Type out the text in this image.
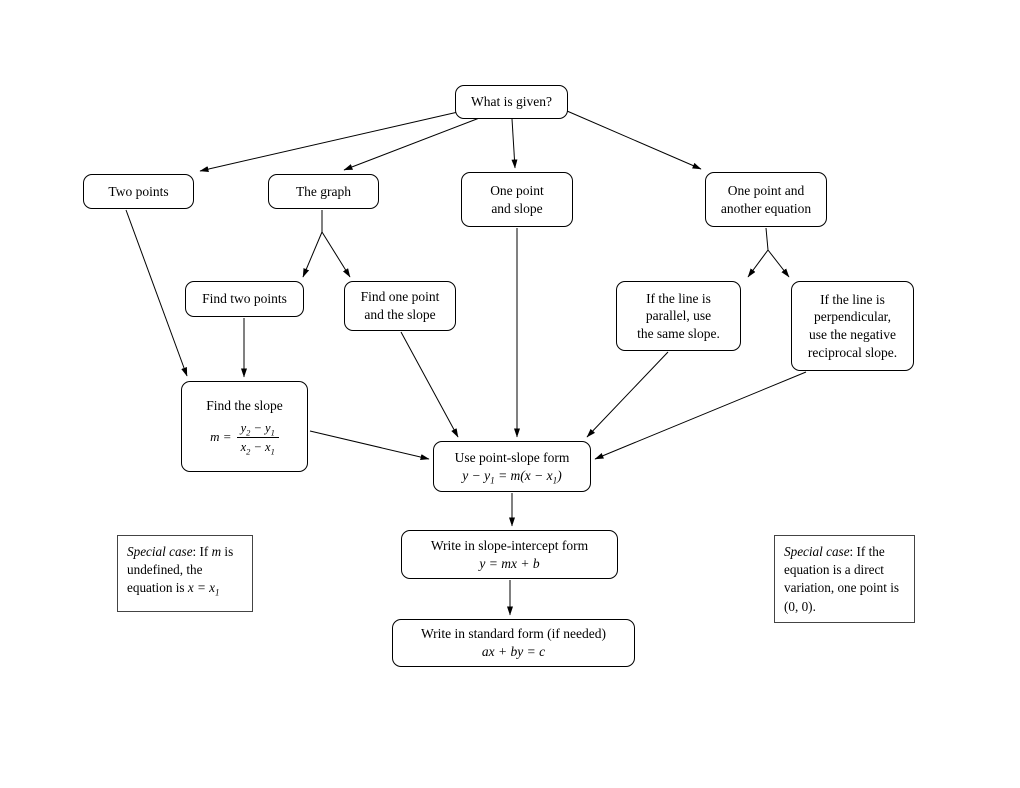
What is given?
Two points	The graph	One point
and slope
One point and
another equation
Find two points	Find one point
and the slope
If the line is
parallel, use
the same slope.
If the line is
perpendicular,
use the negative
reciprocal slope.
Find the slope
$m = \frac{y_2 - y_1}{x_2 - x_1}$
Use point-slope form
$y - y_1 = m(x - x_1)$
Write in slope-intercept form
y = mx + b
Write in standard form (if needed)
ax + by = c
Special case: If m is undefined, the equation is $x = x_1$
Special case: If the equation is a direct variation, one point is (0, 0).
